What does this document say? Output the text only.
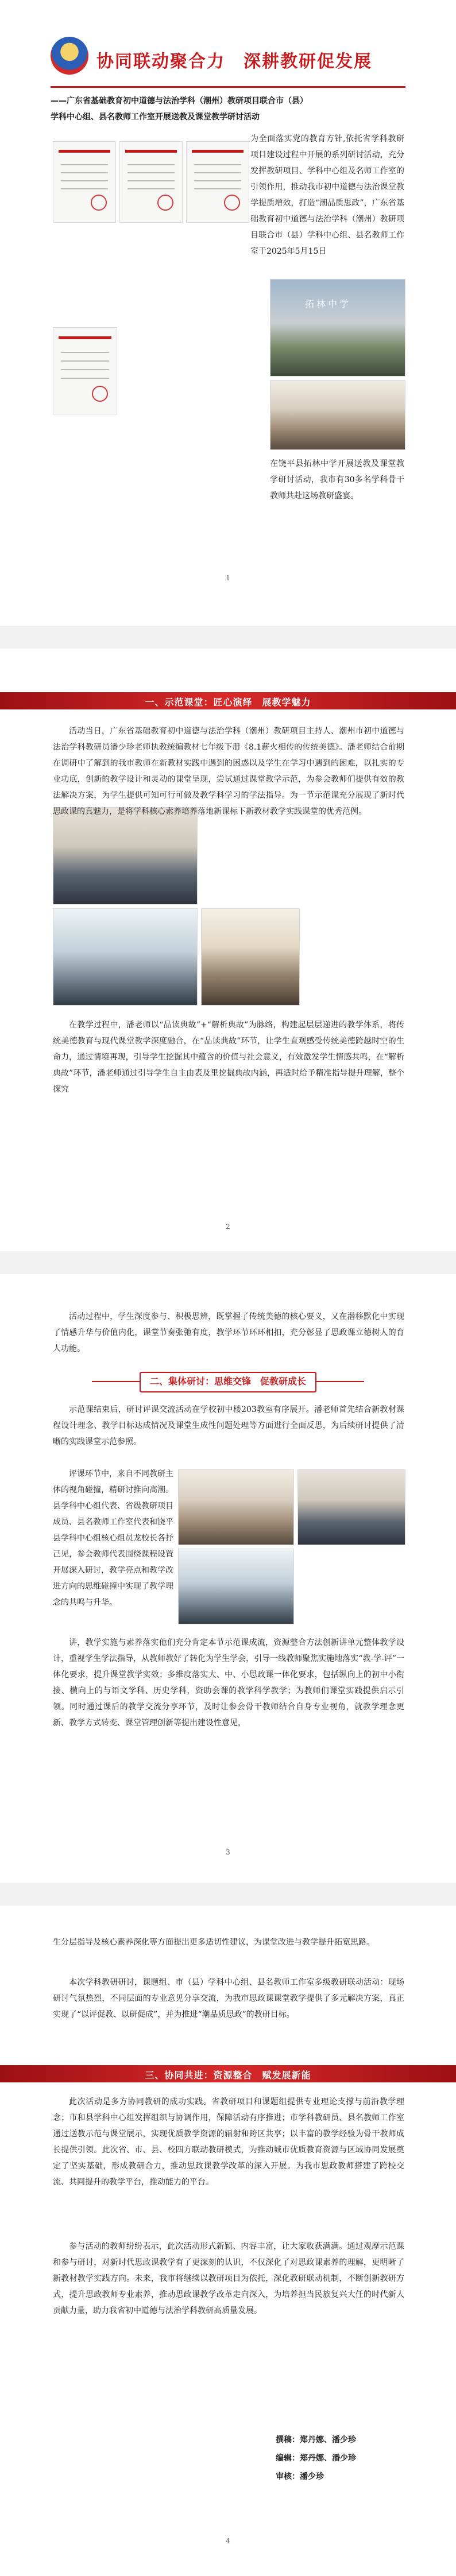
协同联动聚合力　深耕教研促发展
——广东省基础教育初中道德与法治学科（潮州）教研项目联合市（县）
学科中心组、县名教师工作室开展送教及课堂教学研讨活动
拓林中学

为全面落实党的教育方针,依托省学科教研项目建设过程中开展的系列研讨活动，充分发挥教研项目、学科中心组及名师工作室的引领作用，推动我市初中道德与法治课堂教学提质增效，打造“潮品质思政”，广东省基础教育初中道德与法治学科（潮州）教研项目联合市（县）学科中心组、县名教师工作室于2025年5月15日

在饶平县拓林中学开展送教及课堂教学研讨活动，我市有30多名学科骨干教师共赴这场教研盛宴。

1
一、示范课堂：匠心演绎　展教学魅力

活动当日，广东省基础教育初中道德与法治学科（潮州）教研项目主持人、潮州市初中道德与法治学科教研员潘少珍老师执教统编教材七年级下册《8.1薪火相传的传统美德》。潘老师结合前期在调研中了解到的我市教师在新教材实践中遇到的困惑以及学生在学习中遇到的困难，以扎实的专业功底，创新的教学设计和灵动的课堂呈现，尝试通过课堂教学示范，为参会教师们提供有效的教法解决方案，为学生提供可知可行可做及教学科学习的学法指导。为一节示范课充分展现了新时代思政课的真魅力，是将学科核心素养培养落地新课标下新教材教学实践课堂的优秀范例。

在教学过程中，潘老师以“品读典故”+“解析典故”为脉络，构建起层层递进的教学体系，将传统美德教育与现代课堂教学深度融合，在“品读典故”环节，让学生直观感受传统美德跨越时空的生命力，通过情境再现，引导学生挖掘其中蕴含的价值与社会意义，有效激发学生情感共鸣，在“解析典故”环节，潘老师通过引导学生自主由表及里挖掘典故内涵，再适时给予精准指导提升理解，整个探究

2

活动过程中，学生深度参与、积极思辨，既掌握了传统美德的核心要义，又在潜移默化中实现了情感升华与价值内化，课堂节奏张弛有度，教学环节环环相扣，充分彰显了思政课立德树人的育人功能。

二、集体研讨：思维交锋　促教研成长

示范课结束后，研讨评课交流活动在学校初中楼203教室有序展开。潘老师首先结合新教材课程设计理念、教学目标达成情况及课堂生成性问题处理等方面进行全面反思，为后续研讨提供了清晰的实践课堂示范参照。

评课环节中，来自不同教研主体的视角碰撞，精研讨推向高潮。县学科中心组代表、省级教研项目成员、县名教师工作室代表和饶平县学科中心组核心组员龙校长各抒己见，参会教师代表围绕课程设置开展深入研讨，教学亮点和教学改进方向的思维碰撞中实现了教学理念的共鸣与升华。

讲，教学实施与素养落实他们充分肯定本节示范课成流，资源整合方法创新讲单元整体教学设计，重视学生学法指导，从教师教好了转化为学生学会，引导一线教师聚焦实施地落实“教-学-评”一体化要求，提升课堂教学实效；多维度落实大、中、小思政课一体化要求，包括纵向上的初中小衔接、横向上的与语文学科、历史学科，资助会课的教学科学教学；为教师们课堂实践提供启示引领。同时通过课后的教学交流分享环节，及时让参会骨干教师结合自身专业视角，就教学理念更新、教学方式转变、课堂管理创新等提出建设性意见，

3

生分层指导及核心素养深化等方面提出更多适切性建议，为课堂改进与教学提升拓宽思路。

本次学科教研研讨，课题组、市（县）学科中心组、县名教师工作室多级教研联动活动：现场研讨气氛热烈，不同层面的专业意见分享交流，为我市思政课课堂教学提供了多元解决方案，真正实现了“以评促教、以研促成”，并为推进“潮品质思政”的教研目标。

三、协同共进：资源整合　赋发展新能

此次活动是多方协同教研的成功实践。省教研项目和课题组提供专业理论支撑与前沿教学理念；市和县学科中心组发挥组织与协调作用，保障活动有序推进；市学科教研员、县名教师工作室通过送教示范与课堂展示，实现优质教学资源的辐射和跨区共享；以丰富的教学经验为骨干教师成长提供引领。此次省、市、县、校四方联动教研模式，为推动城市优质教育资源与区域协同发展奠定了坚实基础，形成教研合力，推动思政课教学改革的深入开展。为我市思政教师搭建了跨校交流、共同提升的教学平台，推动能力的平台。

参与活动的教师纷纷表示，此次活动形式新颖、内容丰富，让大家收获满满。通过观摩示范课和参与研讨，对新时代思政课教学有了更深刻的认识，不仅深化了对思政课素养的理解，更明晰了新教材教学实践方向。未来，我市将继续以教研项目为依托，深化教研联动机制，不断创新教研方式，提升思政教师专业素养，推动思政课教学改革走向深入，为培养担当民族复兴大任的时代新人贡献力量，助力我省初中道德与法治学科教研高质量发展。

撰稿：郑丹娜、潘少珍
编辑：郑丹娜、潘少珍
审核：潘少珍
4
